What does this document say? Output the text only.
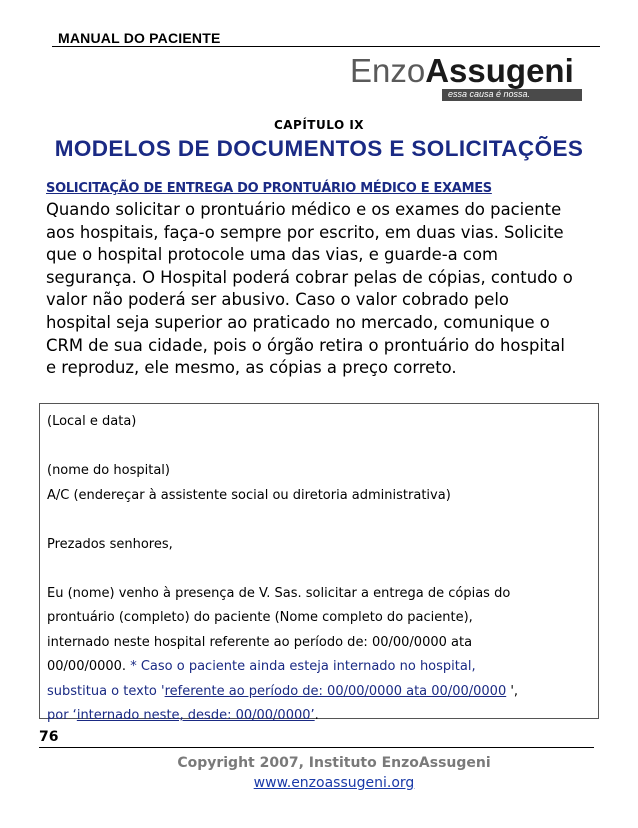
MANUAL DO PACIENTE
EnzoAssugeni
essa causa é nossa.
CAPÍTULO IX
MODELOS DE DOCUMENTOS E SOLICITAÇÕES
SOLICITAÇÃO DE ENTREGA DO PRONTUÁRIO MÉDICO E EXAMES
Quando solicitar o prontuário médico e os exames do paciente
aos hospitais, faça-o sempre por escrito, em duas vias. Solicite
que o hospital protocole uma das vias, e guarde-a com
segurança. O Hospital poderá cobrar pelas de cópias, contudo o
valor não poderá ser abusivo. Caso o valor cobrado pelo
hospital seja superior ao praticado no mercado, comunique o
CRM de sua cidade, pois o órgão retira o prontuário do hospital
e reproduz, ele mesmo, as cópias a preço correto.
(Local e data)
(nome do hospital)
A/C (endereçar à assistente social ou diretoria administrativa)
Prezados senhores,
Eu (nome) venho à presença de V. Sas. solicitar a entrega de cópias do
prontuário (completo) do paciente (Nome completo do paciente),
internado neste hospital referente ao período de: 00/00/0000 ata
00/00/0000. * Caso o paciente ainda esteja internado no hospital,
substitua o texto 'referente ao período de: 00/00/0000 ata 00/00/0000 ',
por ‘internado neste, desde: 00/00/0000’.
76
Copyright 2007, Instituto EnzoAssugeni
www.enzoassugeni.org
